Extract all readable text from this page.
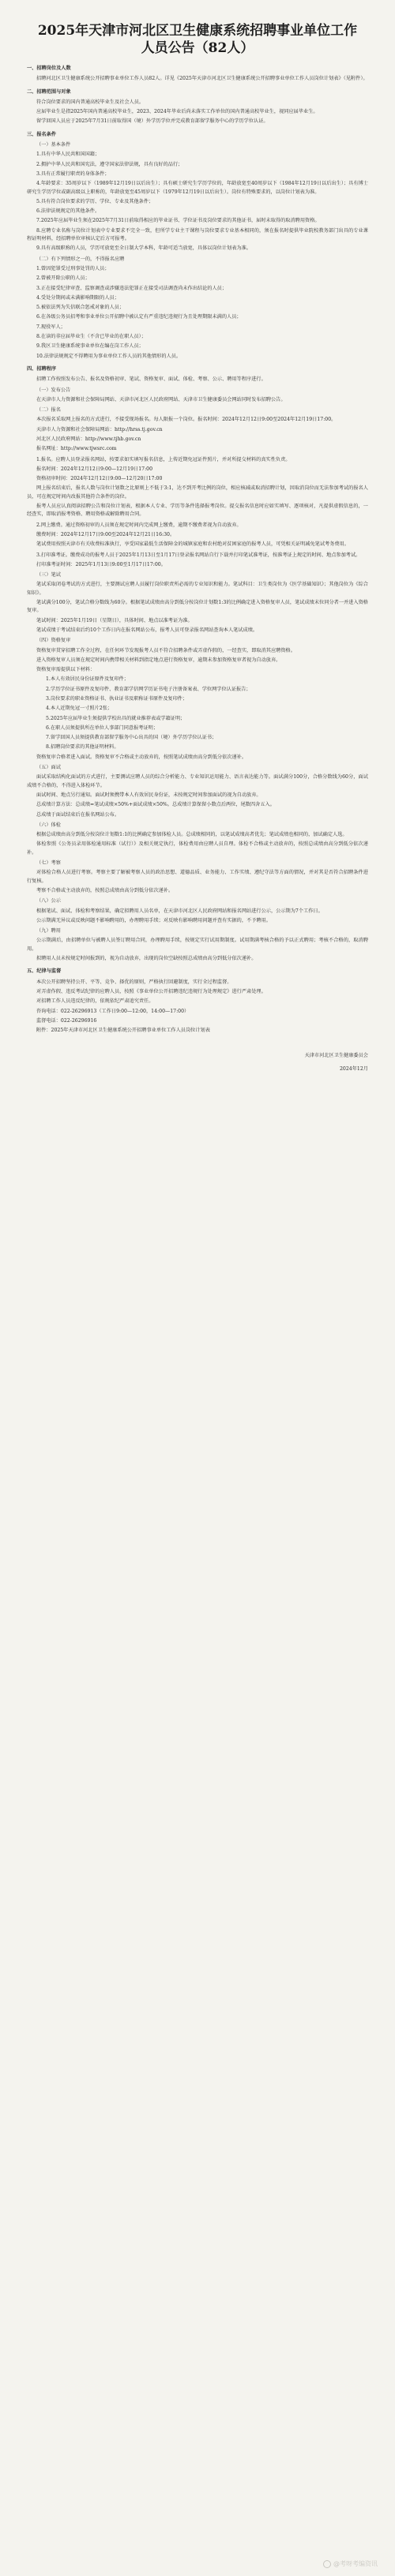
2025年天津市河北区卫生健康系统招聘事业单位工作人员公告（82人）
一、招聘岗位及人数
招聘河北区卫生健康系统公开招聘事业单位工作人员82人。详见《2025年天津市河北区卫生健康系统公开招聘事业单位工作人员岗位计划表》（见附件）。
二、招聘范围与对象
符合岗位要求的国内普通高校毕业生及社会人员。
应届毕业生是指2025年国内普通高校毕业生，2023、2024年毕业后尚未落实工作单位的国内普通高校毕业生，视同应届毕业生。
留学回国人员应于2025年7月31日前取得国（境）外学历学位并完成教育部留学服务中心的学历学位认证。
三、报名条件
（一）基本条件
1.具有中华人民共和国国籍；
2.拥护中华人民共和国宪法，遵守国家法律法规，具有良好的品行；
3.具有正常履行职责的身体条件；
4.年龄要求：35周岁以下（1989年12月19日以后出生）；具有硕士研究生学历学位的，年龄放宽至40周岁以下（1984年12月19日以后出生）；具有博士研究生学历学位或副高级以上职称的，年龄放宽至45周岁以下（1979年12月19日以后出生）。岗位有特殊要求的，以岗位计划表为准。
5.具有符合岗位要求的学历、学位、专业及其他条件；
6.法律法规规定的其他条件。
7.2025年应届毕业生须在2025年7月31日前取得相应的毕业证书、学位证书及岗位要求的其他证书，届时未取得的取消聘用资格。
8.应聘专业名称与岗位计划表中专业要求不完全一致，但所学专业主干课程与岗位要求专业基本相同的，须在报名时提供毕业院校教务部门出具的专业课程证明材料，经招聘单位审核认定后方可报考。
9.具有高级职称的人员，学历可放宽至全日制大学本科，年龄可适当放宽，具体以岗位计划表为准。
（二）有下列情形之一的，不得报名应聘
1.曾因犯罪受过刑事处罚的人员；
2.曾被开除公职的人员；
3.正在接受纪律审查、监察调查或涉嫌违法犯罪正在接受司法调查尚未作出结论的人员；
4.受处分期间或未满影响期限的人员；
5.被依法列为失信联合惩戒对象的人员；
6.在各级公务员招考和事业单位公开招聘中被认定有严重违纪违规行为且处理期限未满的人员；
7.现役军人；
8.在读的非应届毕业生（不含已毕业的在职人员）；
9.我区卫生健康系统事业单位在编在岗工作人员；
10.法律法规规定不得聘用为事业单位工作人员的其他情形的人员。
四、招聘程序
招聘工作按照发布公告、报名及资格初审、笔试、资格复审、面试、体检、考察、公示、聘用等程序进行。
（一）发布公告
在天津市人力资源和社会保障局网站、天津市河北区人民政府网站、天津市卫生健康委员会网站同时发布招聘公告。
（二）报名
本次报名采取网上报名的方式进行，不接受现场报名。每人限报一个岗位。报名时间：2024年12月12日9:00至2024年12月19日17:00。
天津市人力资源和社会保障局网站：http://hrss.tj.gov.cn
河北区人民政府网站：http://www.tjhb.gov.cn
报名网址：http://www.tjwsrc.com
1.报名。应聘人员登录报名网站，按要求如实填写报名信息，上传近期免冠证件照片，并对所提交材料的真实性负责。
报名时间：2024年12月12日9:00—12月19日17:00
资格初审时间：2024年12月12日9:00—12月20日17:00
网上报名结束后，报名人数与岗位计划数之比原则上不低于3:1，达不到开考比例的岗位，相应核减或取消招聘计划，因取消岗位而无法参加考试的报名人员，可在规定时间内改报其他符合条件的岗位。
报考人员应认真阅读招聘公告和岗位计划表，根据本人专业、学历等条件选择报考岗位。提交报名信息时应如实填写、逐项核对，凡提供虚假信息的，一经查实，即取消报考资格、聘用资格或解除聘用合同。
2.网上缴费。通过资格初审的人员须在规定时间内完成网上缴费，逾期不缴费者视为自动放弃。
缴费时间：2024年12月17日9:00至2024年12月21日16:30。
笔试费用按照天津市有关收费标准执行，享受国家最低生活保障金的城镇家庭和农村绝对贫困家庭的报考人员，可凭相关证明减免笔试考务费用。
3.打印准考证。缴费成功的报考人员于2025年1月13日至1月17日登录报名网站自行下载并打印笔试准考证，按准考证上规定的时间、地点参加考试。
打印准考证时间：2025年1月13日9:00至1月17日17:00。
（三）笔试
笔试采取闭卷考试的方式进行，主要测试应聘人员履行岗位职责所必需的专业知识和能力。笔试科目：卫生类岗位为《医学基础知识》；其他岗位为《综合知识》。
笔试满分100分，笔试合格分数线为60分。根据笔试成绩由高分到低分按岗位计划数1:3的比例确定进入资格复审人员，笔试成绩末位同分者一并进入资格复审。
笔试时间：2025年1月19日（星期日），具体时间、地点以准考证为准。
笔试成绩于考试结束后约10个工作日内在报名网站公布，报考人员可登录报名网站查询本人笔试成绩。
（四）资格复审
资格复审贯穿招聘工作全过程，在任何环节发现报考人员不符合招聘条件或弄虚作假的，一经查实，即取消其应聘资格。
进入资格复审人员须在规定时间内携带相关材料到指定地点进行资格复审，逾期未参加资格复审者视为自动放弃。
资格复审需提供以下材料：
1.本人有效居民身份证原件及复印件；
2.学历学位证书原件及复印件、教育部学信网学历证书电子注册备案表、学位网学位认证报告；
3.岗位要求的职业资格证书、执业证书及职称证书原件及复印件；
4.本人近期免冠一寸照片2张；
5.2025年应届毕业生须提供学校出具的就业推荐表或学籍证明；
6.在职人员须提供所在单位人事部门同意报考证明；
7.留学回国人员须提供教育部留学服务中心出具的国（境）外学历学位认证书；
8.招聘岗位要求的其他证明材料。
资格复审合格者进入面试。资格复审不合格或主动放弃的，按照笔试成绩由高分到低分依次递补。
（五）面试
面试采取结构化面试的方式进行，主要测试应聘人员的综合分析能力、专业知识运用能力、语言表达能力等。面试满分100分，合格分数线为60分，面试成绩不合格的，不得进入体检环节。
面试时间、地点另行通知。面试时须携带本人有效居民身份证，未按规定时间参加面试的视为自动放弃。
总成绩计算方法：总成绩=笔试成绩×50%+面试成绩×50%。总成绩计算保留小数点后两位，尾数四舍五入。
总成绩于面试结束后在报名网站公布。
（六）体检
根据总成绩由高分到低分按岗位计划数1:1的比例确定参加体检人员。总成绩相同的，以笔试成绩高者优先；笔试成绩也相同的，加试确定人选。
体检参照《公务员录用体检通用标准（试行）》及相关规定执行，体检费用由应聘人员自理。体检不合格或主动放弃的，按照总成绩由高分到低分依次递补。
（七）考察
对体检合格人员进行考察。考察主要了解被考察人员的政治思想、道德品质、业务能力、工作实绩、遵纪守法等方面的情况，并对其是否符合招聘条件进行复核。
考察不合格或主动放弃的，按照总成绩由高分到低分依次递补。
（八）公示
根据笔试、面试、体检和考察结果，确定拟聘用人员名单，在天津市河北区人民政府网站和报名网站进行公示，公示期为7个工作日。
公示期满无异议或反映问题不影响聘用的，办理聘用手续；对反映有影响聘用问题并查有实据的，不予聘用。
（九）聘用
公示期满后，由招聘单位与被聘人员签订聘用合同，办理聘用手续，按规定实行试用期制度。试用期满考核合格的予以正式聘用；考核不合格的，取消聘用。
拟聘用人员未按规定时间报到的，视为自动放弃，出现的岗位空缺按照总成绩由高分到低分依次递补。
五、纪律与监督
本次公开招聘坚持公开、平等、竞争、择优的原则，严格执行回避制度，实行全过程监督。
对弄虚作假、违反考试纪律的应聘人员，按照《事业单位公开招聘违纪违规行为处理规定》进行严肃处理。
对招聘工作人员违反纪律的，依规依纪严肃追究责任。
咨询电话：022-26296913（工作日9:00—12:00，14:00—17:00）
监督电话：022-26296916
附件：2025年天津市河北区卫生健康系统公开招聘事业单位工作人员岗位计划表
天津市河北区卫生健康委员会
2024年12月
@考呀考编资讯
